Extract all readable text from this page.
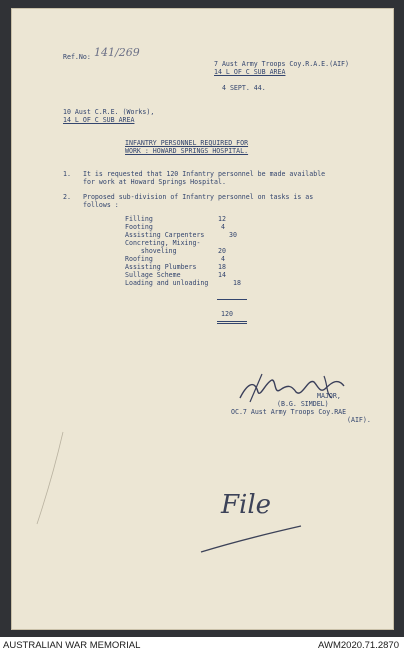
Ref.No: 141/269
7 Aust Army Troops Coy.R.A.E.(AIF)
14 L OF C SUB AREA
4 SEPT. 44.
10 Aust C.R.E. (Works),
14 L OF C SUB AREA
INFANTRY PERSONNEL REQUIRED FOR
WORK : HOWARD SPRINGS HOSPITAL.
1. It is requested that 120 Infantry personnel be made available
for work at Howard Springs Hospital.
2. Proposed sub-division of Infantry personnel on tasks is as
follows :
Filling	12
Footing	4
Assisting Carpenters	30
Concreting, Mixing-
shoveling	20
Roofing	4
Assisting Plumbers	18
Sullage Scheme	14
Loading and unloading	18
120
MAJOR,
(B.G. SIMDEL)
OC.7 Aust Army Troops Coy.RAE
(AIF).
File
AUSTRALIAN WAR MEMORIAL	AWM2020.71.2870
